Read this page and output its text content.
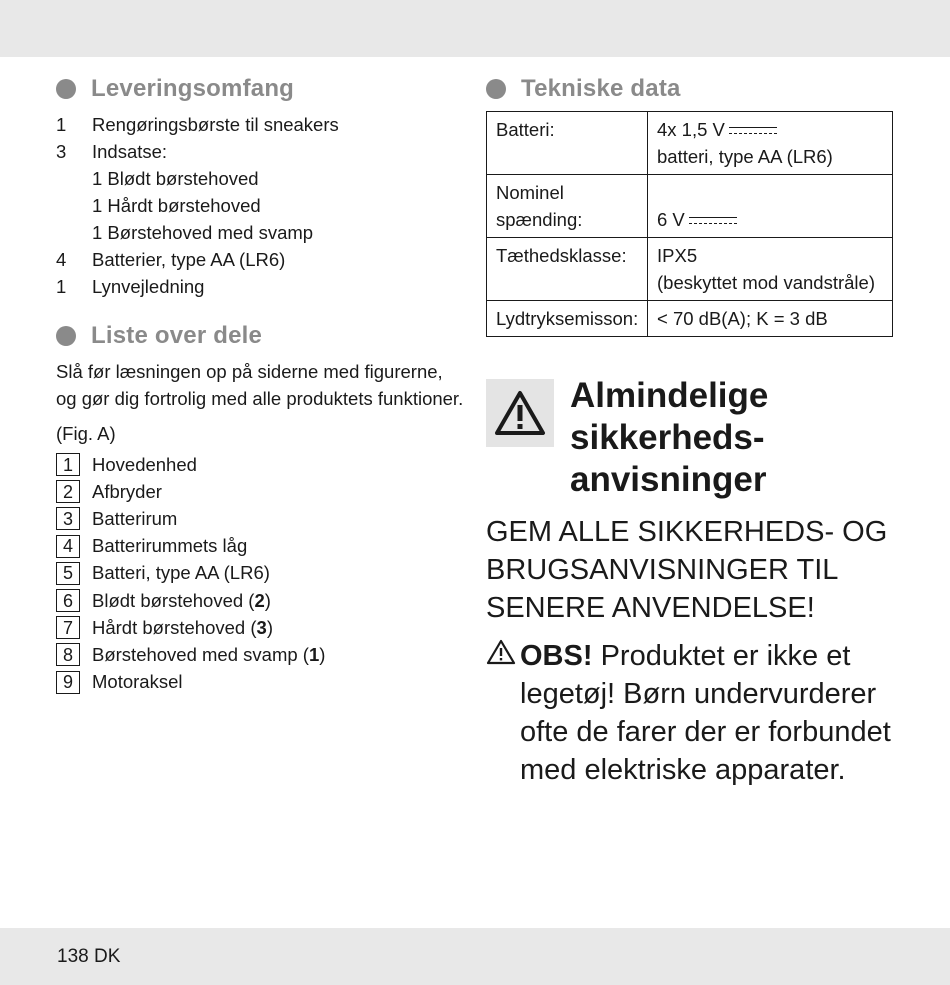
Leveringsomfang
1	Rengøringsbørste til sneakers
3	Indsatse:
1 Blødt børstehoved
1 Hårdt børstehoved
1 Børstehoved med svamp
4	Batterier, type AA (LR6)
1	Lynvejledning
Liste over dele

Slå før læsningen op på siderne med figurerne, og gør dig fortrolig med alle produktets funktioner.

(Fig. A)

1	Hovedenhed
2	Afbryder
3	Batterirum
4	Batterirummets låg
5	Batteri, type AA (LR6)
6	Blødt børstehoved ( 2 )
7	Hårdt børstehoved ( 3 )
8	Børstehoved med svamp ( 1 )
9	Motoraksel
Tekniske data
Batteri:	4x 1,5 V

batteri, type AA (LR6)
Nominel
spænding:	6 V

Tæthedsklasse:	IPX5
(beskyttet mod vandstråle)
Lydtryksemisson:	< 70 dB(A); K = 3 dB
Almindelige
sikkerheds-
anvisninger
GEM ALLE SIKKERHEDS- OG BRUGSANVISNINGER TIL SENERE ANVENDELSE!
OBS!
Produktet er ikke et
legetøj! Børn undervurderer ofte de farer der er forbundet med elektriske apparater.
138 DK
